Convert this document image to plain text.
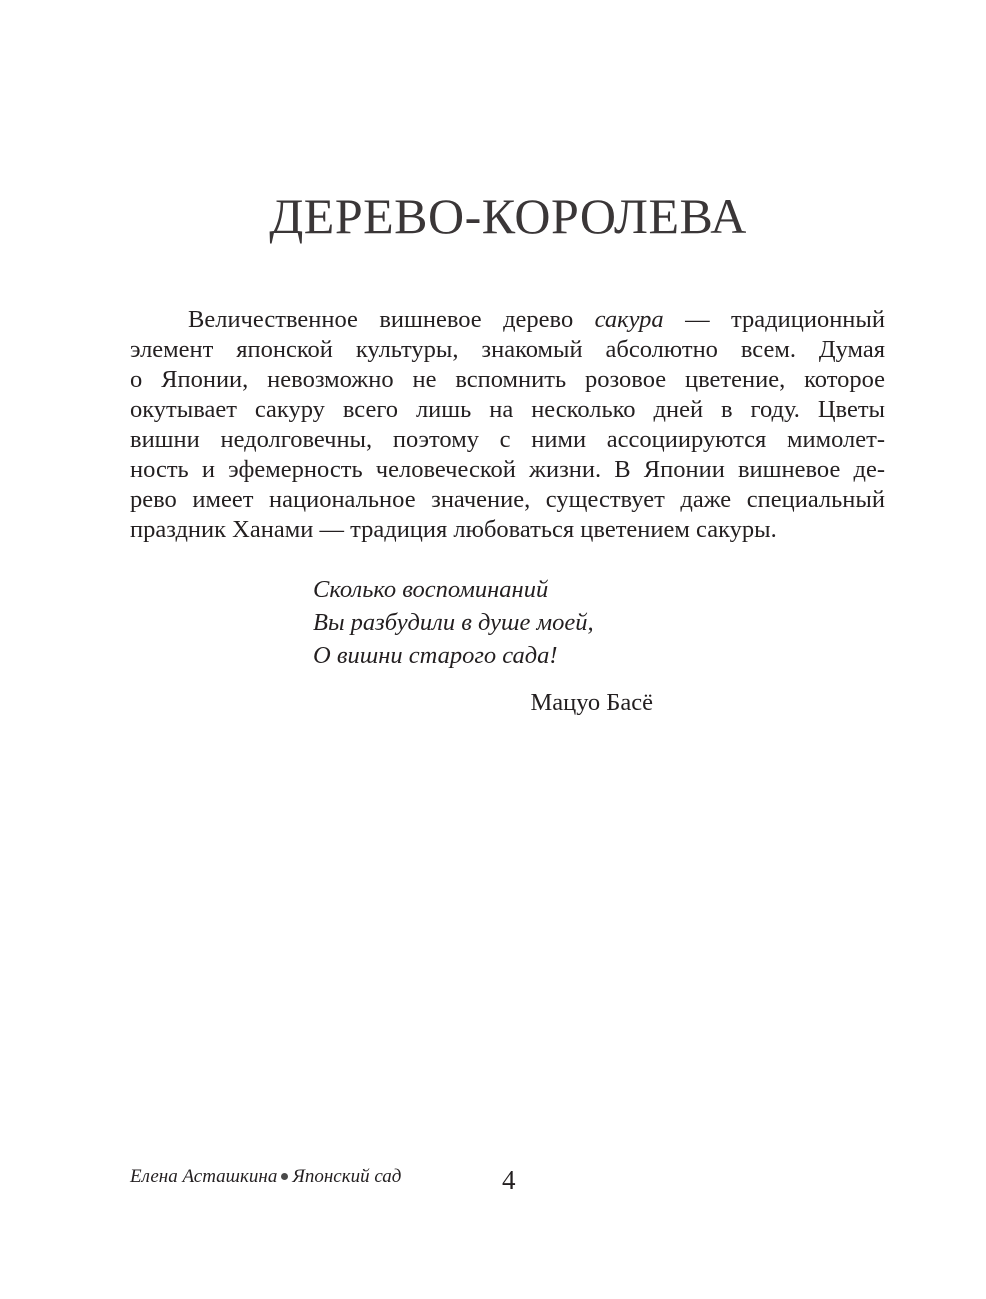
ДЕРЕВО-КОРОЛЕВА
Величественное вишневое дерево сакура — традиционный
элемент японской культуры, знакомый абсолютно всем. Думая
о Японии, невозможно не вспомнить розовое цветение, которое
окутывает сакуру всего лишь на несколько дней в году. Цветы
вишни недолговечны, поэтому с ними ассоциируются мимолет-
ность и эфемерность человеческой жизни. В Японии вишневое де-
рево имеет национальное значение, существует даже специальный
праздник Ханами — традиция любоваться цветением сакуры.
Сколько воспоминаний
Вы разбудили в душе моей,
О вишни старого сада!
Мацуо Басё
Елена Асташкина Японский сад	4
